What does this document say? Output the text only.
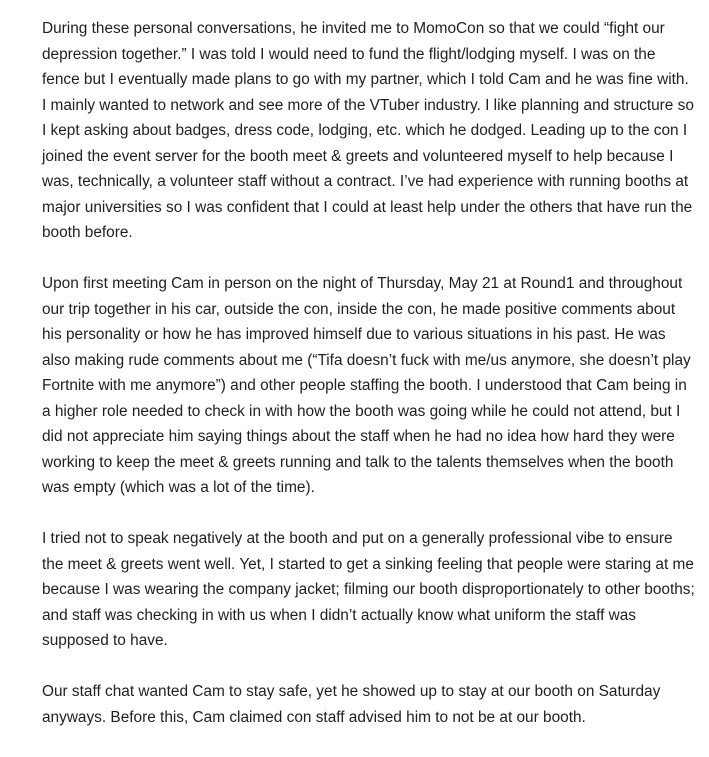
During these personal conversations, he invited me to MomoCon so that we could “fight our
depression together.” I was told I would need to fund the flight/lodging myself. I was on the
fence but I eventually made plans to go with my partner, which I told Cam and he was fine with.
I mainly wanted to network and see more of the VTuber industry. I like planning and structure so
I kept asking about badges, dress code, lodging, etc. which he dodged. Leading up to the con I
joined the event server for the booth meet & greets and volunteered myself to help because I
was, technically, a volunteer staff without a contract. I’ve had experience with running booths at
major universities so I was confident that I could at least help under the others that have run the
booth before.
Upon first meeting Cam in person on the night of Thursday, May 21 at Round1 and throughout
our trip together in his car, outside the con, inside the con, he made positive comments about
his personality or how he has improved himself due to various situations in his past. He was
also making rude comments about me (“Tifa doesn’t fuck with me/us anymore, she doesn’t play
Fortnite with me anymore”) and other people staffing the booth. I understood that Cam being in
a higher role needed to check in with how the booth was going while he could not attend, but I
did not appreciate him saying things about the staff when he had no idea how hard they were
working to keep the meet & greets running and talk to the talents themselves when the booth
was empty (which was a lot of the time).
I tried not to speak negatively at the booth and put on a generally professional vibe to ensure
the meet & greets went well. Yet, I started to get a sinking feeling that people were staring at me
because I was wearing the company jacket; filming our booth disproportionately to other booths;
and staff was checking in with us when I didn’t actually know what uniform the staff was
supposed to have.
Our staff chat wanted Cam to stay safe, yet he showed up to stay at our booth on Saturday
anyways. Before this, Cam claimed con staff advised him to not be at our booth.
